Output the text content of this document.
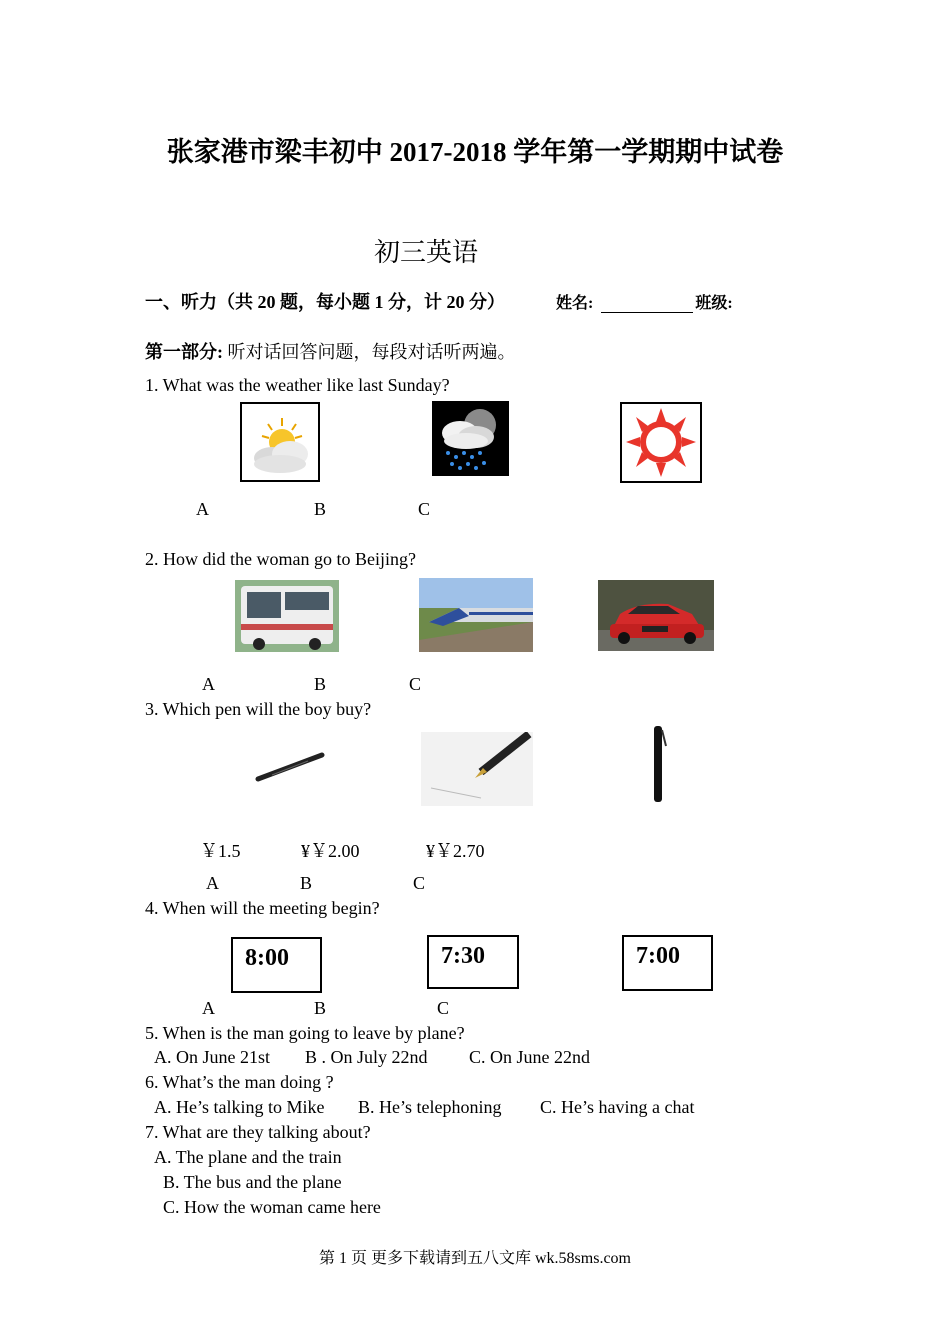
张家港市梁丰初中 2017-2018 学年第一学期期中试卷
初三英语
一、听力（共 20 题，每小题 1 分，计 20 分）	姓名:	班级:
第一部分: 听对话回答问题，每段对话听两遍。
1. What was the weather like last Sunday?
A	B	C
2. How did the woman go to Beijing?
A	B	C
3. Which pen will the boy buy?
￥1.5	¥￥2.00	¥￥2.70
A	B	C
4. When will the meeting begin?
8:00	7:30	7:00
A	B	C
5. When is the man going to leave by plane?
A. On June 21st B . On July 22nd C. On June 22nd
6. What’s the man doing ?
A. He’s talking to Mike B. He’s telephoning C. He’s having a chat
7. What are they talking about?
A. The plane and the train
B. The bus and the plane
C. How the woman came here
第 1 页 更多下载请到五八文库 wk.58sms.com
